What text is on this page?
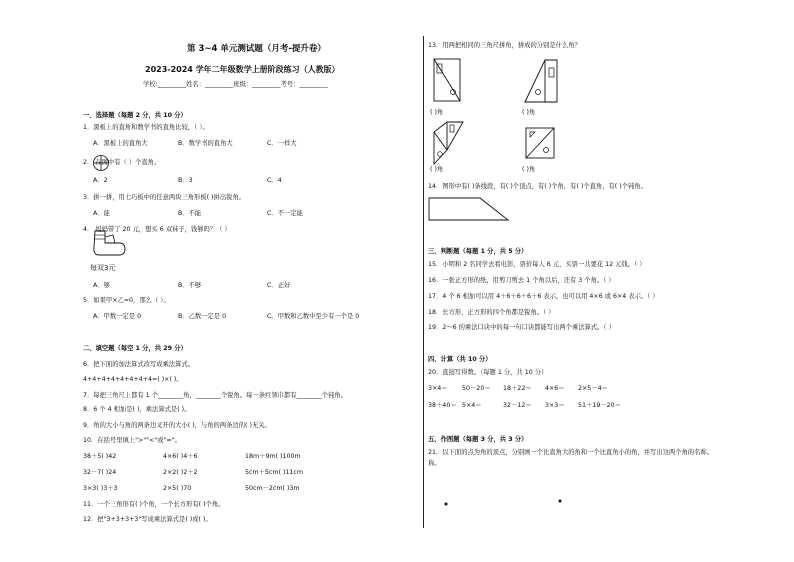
第 3~4 单元测试题（月考-提升卷）
2023-2024 学年二年级数学上册阶段练习（人教版）
学校:_________姓名：_________班级：_________考号：_________
一、选择题（每题 2 分，共 10 分）
1．黑板上的直角和数学书的直角比较，（ ）。
A．黑板上的直角大	B．数学书的直角大	C．一样大
2． 在图中有（ ）个直角。
A．2	B．3	C．4
3．拼一拼，用七巧板中的任意两块三角形板( )拼出锐角。
A．能	B．不能	C．不一定能
4． 妈妈带了 20 元，想买 6 双袜子，钱够吗？（ ）
每双3元
A．够	B．不够	C．正好
5．如果甲×乙=0，那么（ ）。
A．甲数一定是 0	B．乙数一定是 0	C．甲数和乙数中至少有一个是 0
二、填空题（每空 1 分，共 29 分）
6．把下面的加法算式改写成乘法算式。
4+4+4+4+4+4+4+4=( )×( )。
7．每把三角尺上都有 1 个________角，________个锐角。每一条红领巾都有________个钝角。
8．6 个 4 相加是( )，乘法算式是( )。
9．角的大小与角的两条边叉开的大小( )，与角的两条边的( )无关。
10．在括号里填上">""<"或"="。
38＋5( )42	4×6( )4＋6	18m＋9m( )100m
32－7( )24	2×2( )2＋2	5cm＋5cm( )11cm
3×3( )3＋3	2×5( )70	50cm－2cm( )3m
11．一个三角形有( )个角，一个长方形有( )个角。
12．把"3+3+3+3"写成乘法算式是( )或( )。
13．用两把相同的三角尺拼角，拼成的分别是什么角？
( )角	( )角
( )角	( )角
14．图形中有( )条线段，有( )个顶点，有( )个角，有( )个直角，有( )个钝角。
三、判断题（每题 1 分，共 5 分）
15．小明和 2 名同学去看电影，票价每人 6 元，买票一共要花 12 元钱。（ ）
16．一张正方形的纸，用剪刀剪去 1 个角以后，还有 3 个角。（ ）
17．4 个 6 相加可以用 4＋6＋6＋6＋6 表示，也可以用 4×6 或 6×4 表示。（ ）
18．长方形、正方形的四个角都是锐角。（ ）
19．2～6 的乘法口诀中的每一句口诀都能写出两个乘法算式。（ ）
四、计算（共 10 分）
20．直接写得数。（每题 1 分，共 10 分）
3×4＝ 50－20＝ 18＋22＝ 4×6＝ 2×5－4＝
38＋40＝ 5×4＝	32－12＝ 3×3＝ 51＋19－20＝
五、作图题（每题 3 分，共 3 分）
21．以下面的点为角的顶点，分别画一个比直角大的角和一个比直角小的角，并写出这两个角的名称。
称。
